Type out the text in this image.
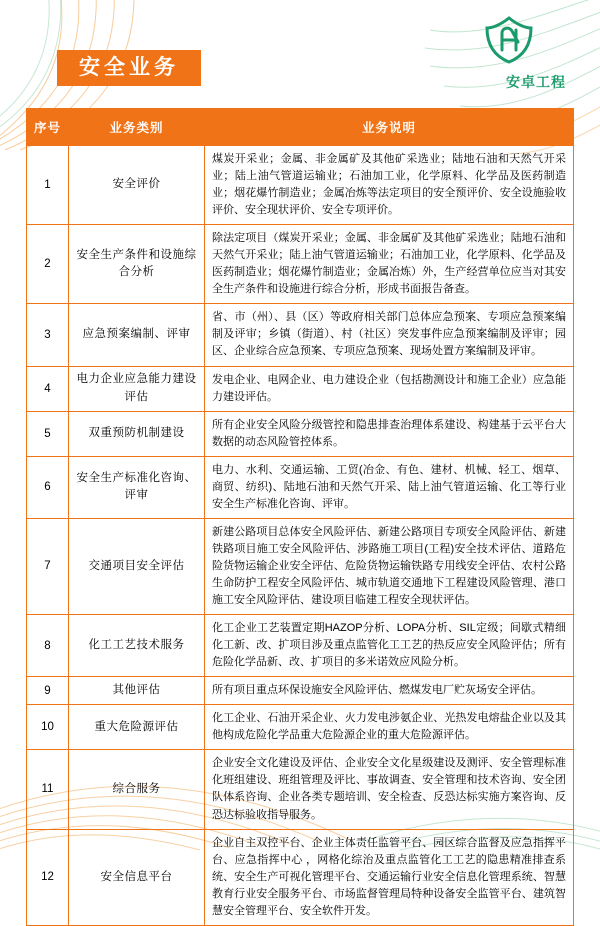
安全业务
安卓工程
序号	业务类别	业务说明
1	安全评价	煤炭开采业；金属、非金属矿及其他矿采选业；陆地石油和天然气开采业；陆上油气管道运输业；石油加工业，化学原料、化学品及医药制造业；烟花爆竹制造业；金属冶炼等法定项目的安全预评价、安全设施验收评价、安全现状评价、安全专项评价。
2	安全生产条件和设施综合分析	除法定项目（煤炭开采业；金属、非金属矿及其他矿采选业；陆地石油和天然气开采业；陆上油气管道运输业；石油加工业，化学原料、化学品及医药制造业；烟花爆竹制造业；金属冶炼）外，生产经营单位应当对其安全生产条件和设施进行综合分析，形成书面报告备查。
3	应急预案编制、评审	省、市（州）、县（区）等政府相关部门总体应急预案、专项应急预案编制及评审；乡镇（街道）、村（社区）突发事件应急预案编制及评审；园区、企业综合应急预案、专项应急预案、现场处置方案编制及评审。
4	电力企业应急能力建设评估	发电企业、电网企业、电力建设企业（包括勘测设计和施工企业）应急能力建设评估。
5	双重预防机制建设	所有企业安全风险分级管控和隐患排查治理体系建设、构建基于云平台大数据的动态风险管控体系。
6	安全生产标准化咨询、评审	电力、水利、交通运输、工贸(冶金、有色、建材、机械、轻工、烟草、商贸、纺织)、陆地石油和天然气开采、陆上油气管道运输、化工等行业安全生产标准化咨询、评审。
7	交通项目安全评估	新建公路项目总体安全风险评估、新建公路项目专项安全风险评估、新建铁路项目施工安全风险评估、涉路施工项目(工程)安全技术评估、道路危险货物运输企业安全评估、危险货物运输铁路专用线安全评估、农村公路生命防护工程安全风险评估、城市轨道交通地下工程建设风险管理、港口施工安全风险评估、建设项目临建工程安全现状评估。
8	化工工艺技术服务	化工企业工艺装置定期HAZOP分析、LOPA分析、SIL定级；间歇式精细化工新、改、扩项目涉及重点监管化工工艺的热反应安全风险评估；所有危险化学品新、改、扩项目的多米诺效应风险分析。
9	其他评估	所有项目重点环保设施安全风险评估、燃煤发电厂贮灰场安全评估。
10	重大危险源评估	化工企业、石油开采企业、火力发电涉氨企业、光热发电熔盐企业以及其他构成危险化学品重大危险源企业的重大危险源评估。
11	综合服务	企业安全文化建设及评估、企业安全文化星级建设及测评、安全管理标准化班组建设、班组管理及评比、事故调查、安全管理和技术咨询、安全团队体系咨询、企业各类专题培训、安全检查、反恐达标实施方案咨询、反恐达标验收指导服务。
12	安全信息平台	企业自主双控平台、企业主体责任监管平台、园区综合监督及应急指挥平台、应急指挥中心 ，网格化综治及重点监管化工工艺的隐患精准排查系统、安全生产可视化管理平台、交通运输行业安全信息化管理系统、智慧教育行业安全服务平台、市场监督管理局特种设备安全监管平台、建筑智慧安全管理平台、安全软件开发。
